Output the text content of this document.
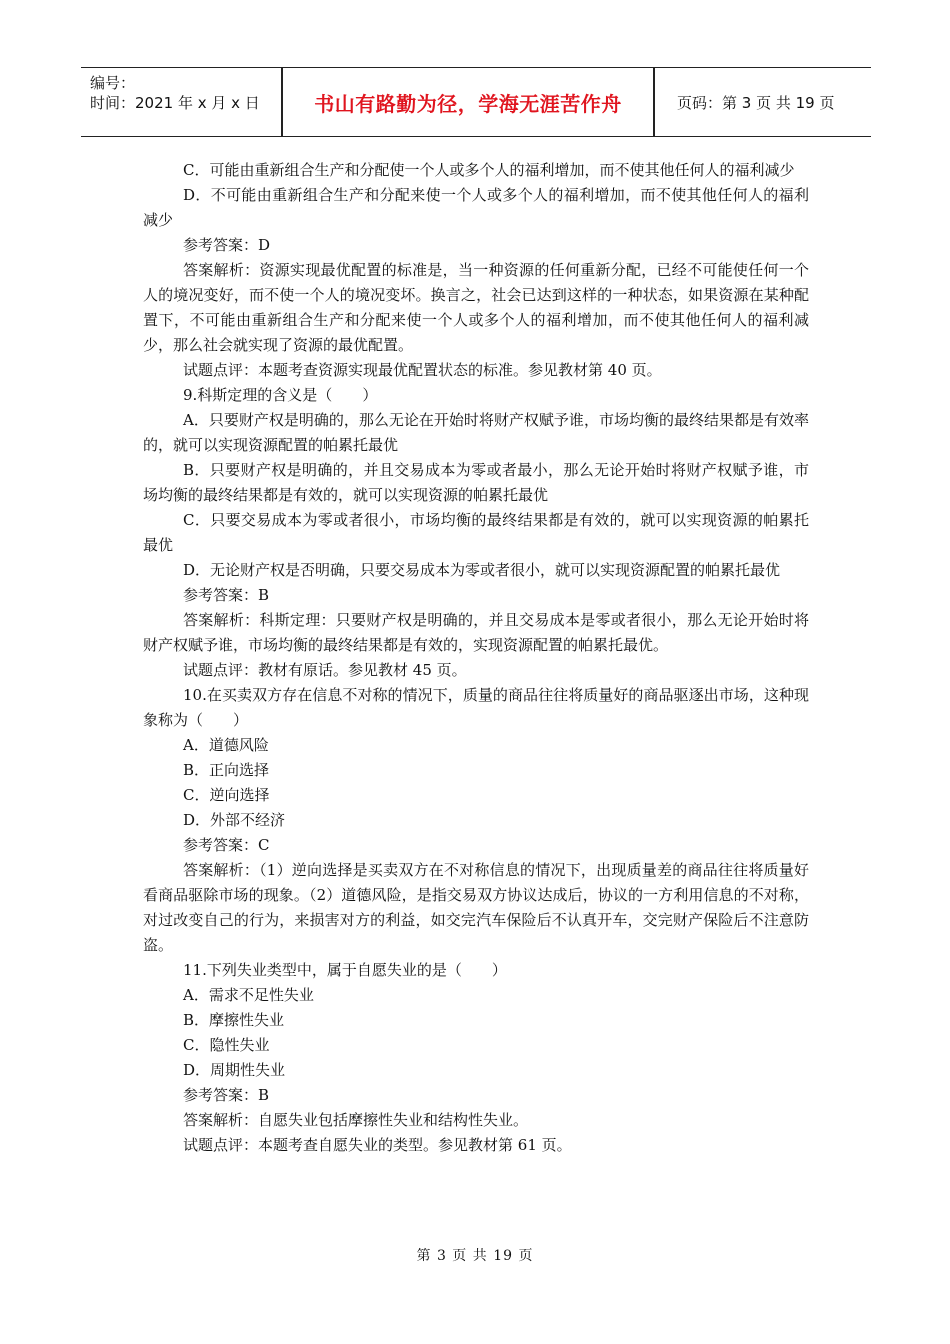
编号：
时间：2021 年 x 月 x 日	书山有路勤为径，学海无涯苦作舟	页码：第 3 页 共 19 页

C．可能由重新组合生产和分配使一个人或多个人的福利增加，而不使其他任何人的福利减少

D．不可能由重新组合生产和分配来使一个人或多个人的福利增加，而不使其他任何人的福利减少

参考答案：D

答案解析：资源实现最优配置的标准是，当一种资源的任何重新分配，已经不可能使任何一个人的境况变好，而不使一个人的境况变坏。换言之，社会已达到这样的一种状态，如果资源在某种配置下，不可能由重新组合生产和分配来使一个人或多个人的福利增加，而不使其他任何人的福利减少，那么社会就实现了资源的最优配置。

试题点评：本题考查资源实现最优配置状态的标准。参见教材第 40 页。

9.科斯定理的含义是（　　）

A．只要财产权是明确的，那么无论在开始时将财产权赋予谁，市场均衡的最终结果都是有效率的，就可以实现资源配置的帕累托最优

B．只要财产权是明确的，并且交易成本为零或者最小，那么无论开始时将财产权赋予谁，市场均衡的最终结果都是有效的，就可以实现资源的帕累托最优

C．只要交易成本为零或者很小，市场均衡的最终结果都是有效的，就可以实现资源的帕累托最优

D．无论财产权是否明确，只要交易成本为零或者很小，就可以实现资源配置的帕累托最优

参考答案：B

答案解析：科斯定理：只要财产权是明确的，并且交易成本是零或者很小，那么无论开始时将财产权赋予谁，市场均衡的最终结果都是有效的，实现资源配置的帕累托最优。

试题点评：教材有原话。参见教材 45 页。

10.在买卖双方存在信息不对称的情况下，质量的商品往往将质量好的商品驱逐出市场，这种现象称为（　　）

A．道德风险

B．正向选择

C．逆向选择

D．外部不经济

参考答案：C

答案解析：（1）逆向选择是买卖双方在不对称信息的情况下，出现质量差的商品往往将质量好看商品驱除市场的现象。（2）道德风险，是指交易双方协议达成后，协议的一方利用信息的不对称，对过改变自己的行为，来损害对方的利益，如交完汽车保险后不认真开车，交完财产保险后不注意防盗。

11.下列失业类型中，属于自愿失业的是（　　）

A．需求不足性失业

B．摩擦性失业

C．隐性失业

D．周期性失业

参考答案：B

答案解析：自愿失业包括摩擦性失业和结构性失业。

试题点评：本题考查自愿失业的类型。参见教材第 61 页。

第 3 页 共 19 页
